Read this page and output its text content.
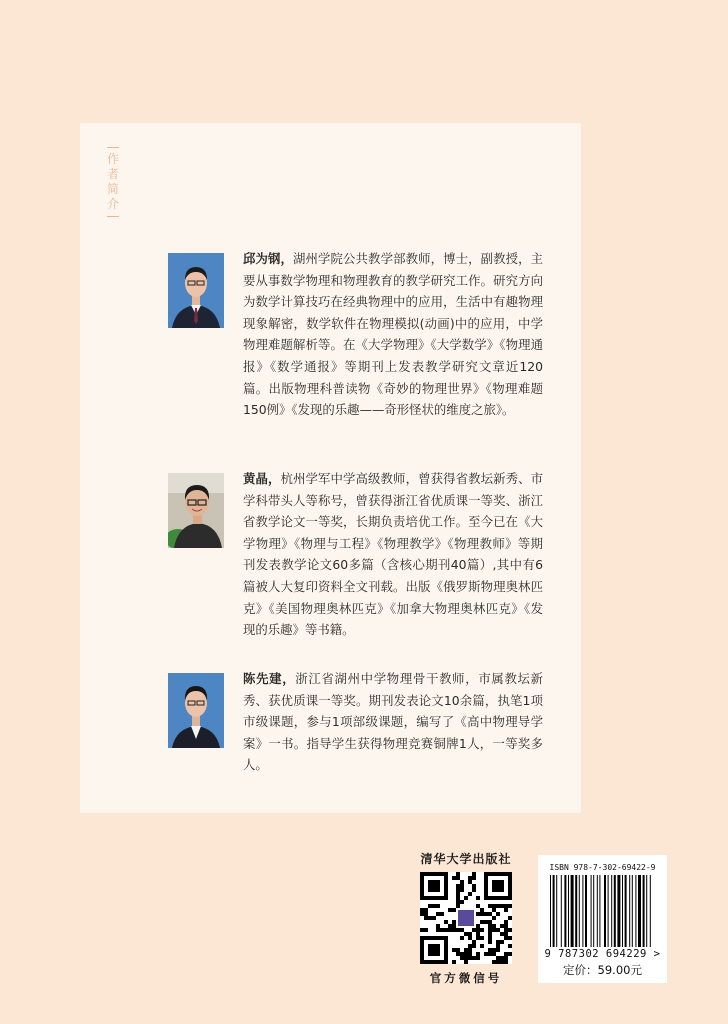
作
者
简
介
邱为钢，湖州学院公共教学部教师，博士，副教授，主要从事数学物理和物理教育的教学研究工作。研究方向为数学计算技巧在经典物理中的应用，生活中有趣物理现象解密，数学软件在物理模拟(动画)中的应用，中学物理难题解析等。在《大学物理》《大学数学》《物理通报》《数学通报》等期刊上发表教学研究文章近120篇。出版物理科普读物《奇妙的物理世界》《物理难题150例》《发现的乐趣——奇形怪状的维度之旅》。
黄晶，杭州学军中学高级教师，曾获得省教坛新秀、市学科带头人等称号，曾获得浙江省优质课一等奖、浙江省教学论文一等奖，长期负责培优工作。至今已在《大学物理》《物理与工程》《物理教学》《物理教师》等期刊发表教学论文60多篇（含核心期刊40篇）,其中有6篇被人大复印资料全文刊载。出版《俄罗斯物理奥林匹克》《美国物理奥林匹克》《加拿大物理奥林匹克》《发现的乐趣》等书籍。
陈先建，浙江省湖州中学物理骨干教师，市属教坛新秀、获优质课一等奖。期刊发表论文10余篇，执笔1项市级课题，参与1项部级课题，编写了《高中物理导学案》一书。指导学生获得物理竞赛铜牌1人，一等奖多人。
清华大学出版社
官方微信号
ISBN 978-7-302-69422-9
9 787302 694229 >
定价：59.00元
